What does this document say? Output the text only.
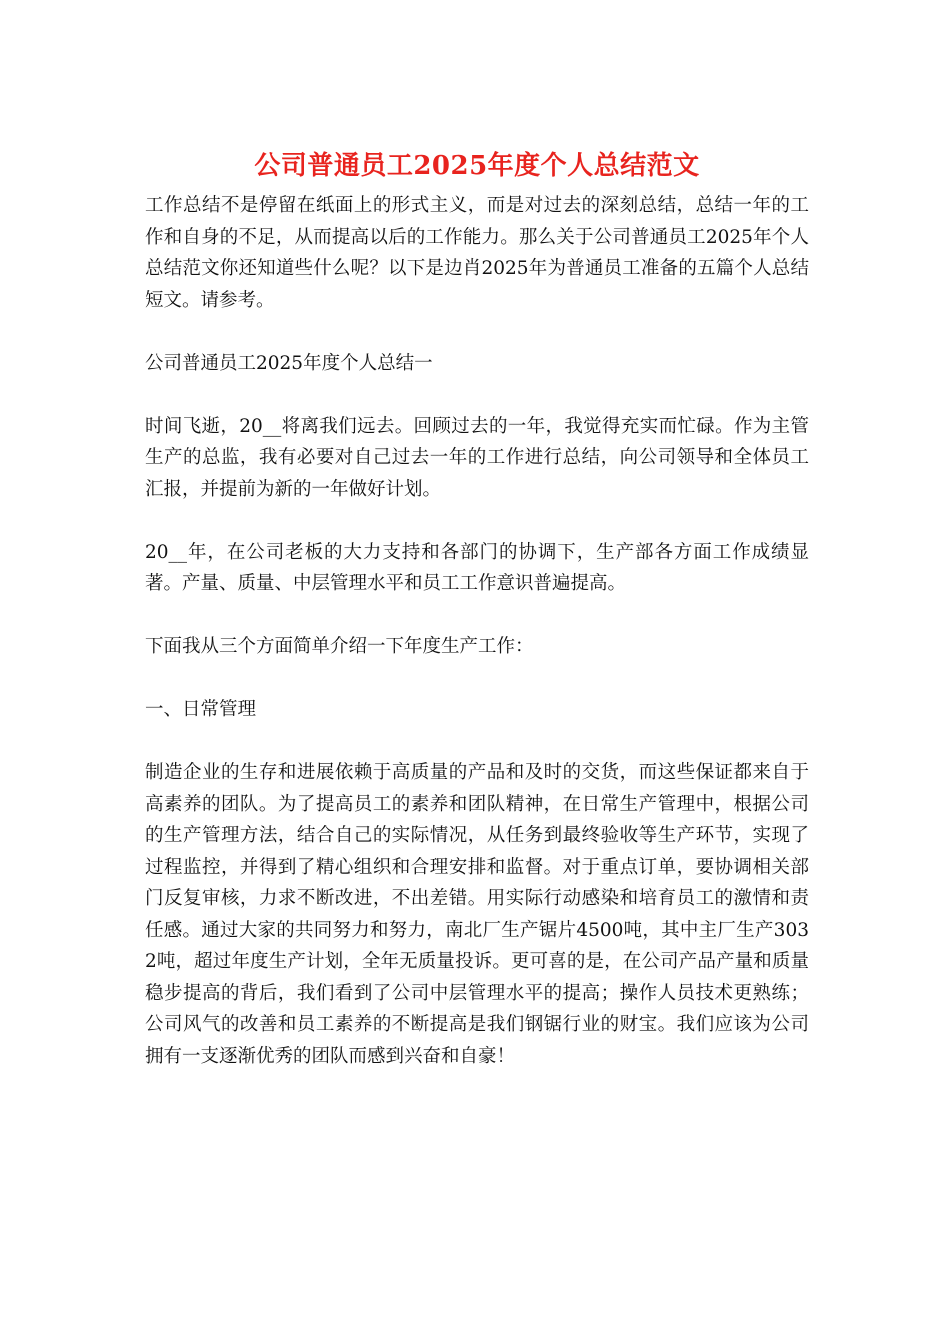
公司普通员工2025年度个人总结范文

工作总结不是停留在纸面上的形式主义，而是对过去的深刻总结，总结一年的工作和自身的不足，从而提高以后的工作能力。那么关于公司普通员工2025年个人总结范文你还知道些什么呢？以下是边肖2025年为普通员工准备的五篇个人总结短文。请参考。

公司普通员工2025年度个人总结一

时间飞逝，20__将离我们远去。回顾过去的一年，我觉得充实而忙碌。作为主管生产的总监，我有必要对自己过去一年的工作进行总结，向公司领导和全体员工汇报，并提前为新的一年做好计划。

20__年，在公司老板的大力支持和各部门的协调下，生产部各方面工作成绩显著。产量、质量、中层管理水平和员工工作意识普遍提高。

下面我从三个方面简单介绍一下年度生产工作：

一、日常管理

制造企业的生存和进展依赖于高质量的产品和及时的交货，而这些保证都来自于高素养的团队。为了提高员工的素养和团队精神，在日常生产管理中，根据公司的生产管理方法，结合自己的实际情况，从任务到最终验收等生产环节，实现了过程监控，并得到了精心组织和合理安排和监督。对于重点订单，要协调相关部门反复审核，力求不断改进，不出差错。用实际行动感染和培育员工的激情和责任感。通过大家的共同努力和努力，南北厂生产锯片4500吨，其中主厂生产3032吨，超过年度生产计划，全年无质量投诉。更可喜的是，在公司产品产量和质量稳步提高的背后，我们看到了公司中层管理水平的提高；操作人员技术更熟练；公司风气的改善和员工素养的不断提高是我们钢锯行业的财宝。我们应该为公司拥有一支逐渐优秀的团队而感到兴奋和自豪！
